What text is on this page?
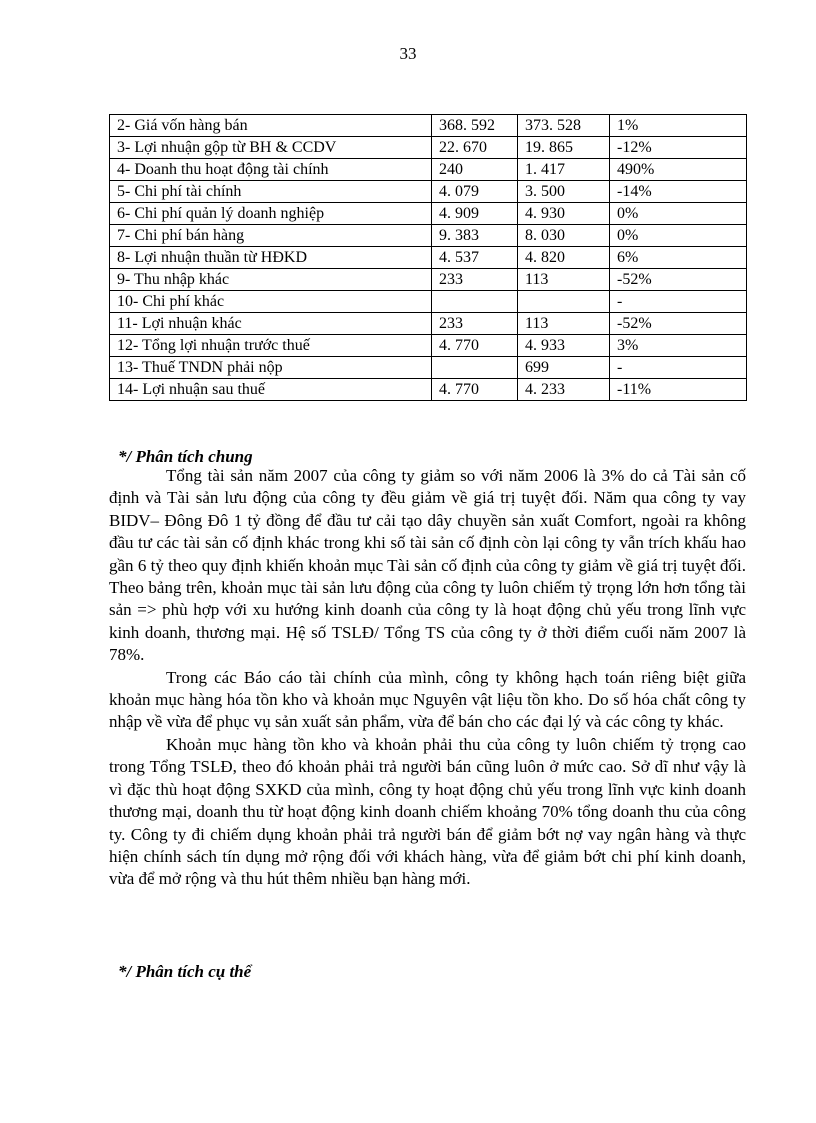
33
2- Giá vốn hàng bán	368. 592	373. 528	1%
3- Lợi nhuận gộp từ BH & CCDV	22. 670	19. 865	-12%
4- Doanh thu hoạt động tài chính	240	1. 417	490%
5- Chi phí tài chính	4. 079	3. 500	-14%
6- Chi phí quản lý doanh nghiệp	4. 909	4. 930	0%
7- Chi phí bán hàng	9. 383	8. 030	0%
8- Lợi nhuận thuần từ HĐKD	4. 537	4. 820	6%
9- Thu nhập khác	233	113	-52%
10- Chi phí khác			-
11- Lợi nhuận khác	233	113	-52%
12- Tổng lợi nhuận trước thuế	4. 770	4. 933	3%
13- Thuế TNDN phải nộp		699	-
14- Lợi nhuận sau thuế	4. 770	4. 233	-11%
*/ Phân tích chung

Tổng tài sản năm 2007 của công ty giảm so với năm 2006 là 3% do cả Tài sản cố định và Tài sản lưu động của công ty đều giảm về giá trị tuyệt đối. Năm qua công ty vay BIDV– Đông Đô 1 tỷ đồng để đầu tư cải tạo dây chuyền sản xuất Comfort, ngoài ra không đầu tư các tài sản cố định khác trong khi số tài sản cố định còn lại công ty vẫn trích khấu hao gần 6 tỷ theo quy định khiến khoản mục Tài sản cố định của công ty giảm về giá trị tuyệt đối. Theo bảng trên, khoản mục tài sản lưu động của công ty luôn chiếm tỷ trọng lớn hơn tổng tài sản => phù hợp với xu hướng kinh doanh của công ty là hoạt động chủ yếu trong lĩnh vực kinh doanh, thương mại. Hệ số TSLĐ/ Tổng TS của công ty ở thời điểm cuối năm 2007 là 78%.

Trong các Báo cáo tài chính của mình, công ty không hạch toán riêng biệt giữa khoản mục hàng hóa tồn kho và khoản mục Nguyên vật liệu tồn kho. Do số hóa chất công ty nhập về vừa để phục vụ sản xuất sản phẩm, vừa để bán cho các đại lý và các công ty khác.

Khoản mục hàng tồn kho và khoản phải thu của công ty luôn chiếm tỷ trọng cao trong Tổng TSLĐ, theo đó khoản phải trả người bán cũng luôn ở mức cao. Sở dĩ như vậy là vì đặc thù hoạt động SXKD của mình, công ty hoạt động chủ yếu trong lĩnh vực kinh doanh thương mại, doanh thu từ hoạt động kinh doanh chiếm khoảng 70% tổng doanh thu của công ty. Công ty đi chiếm dụng khoản phải trả người bán để giảm bớt nợ vay ngân hàng và thực hiện chính sách tín dụng mở rộng đối với khách hàng, vừa để giảm bớt chi phí kinh doanh, vừa để mở rộng và thu hút thêm nhiều bạn hàng mới.

*/ Phân tích cụ thể
